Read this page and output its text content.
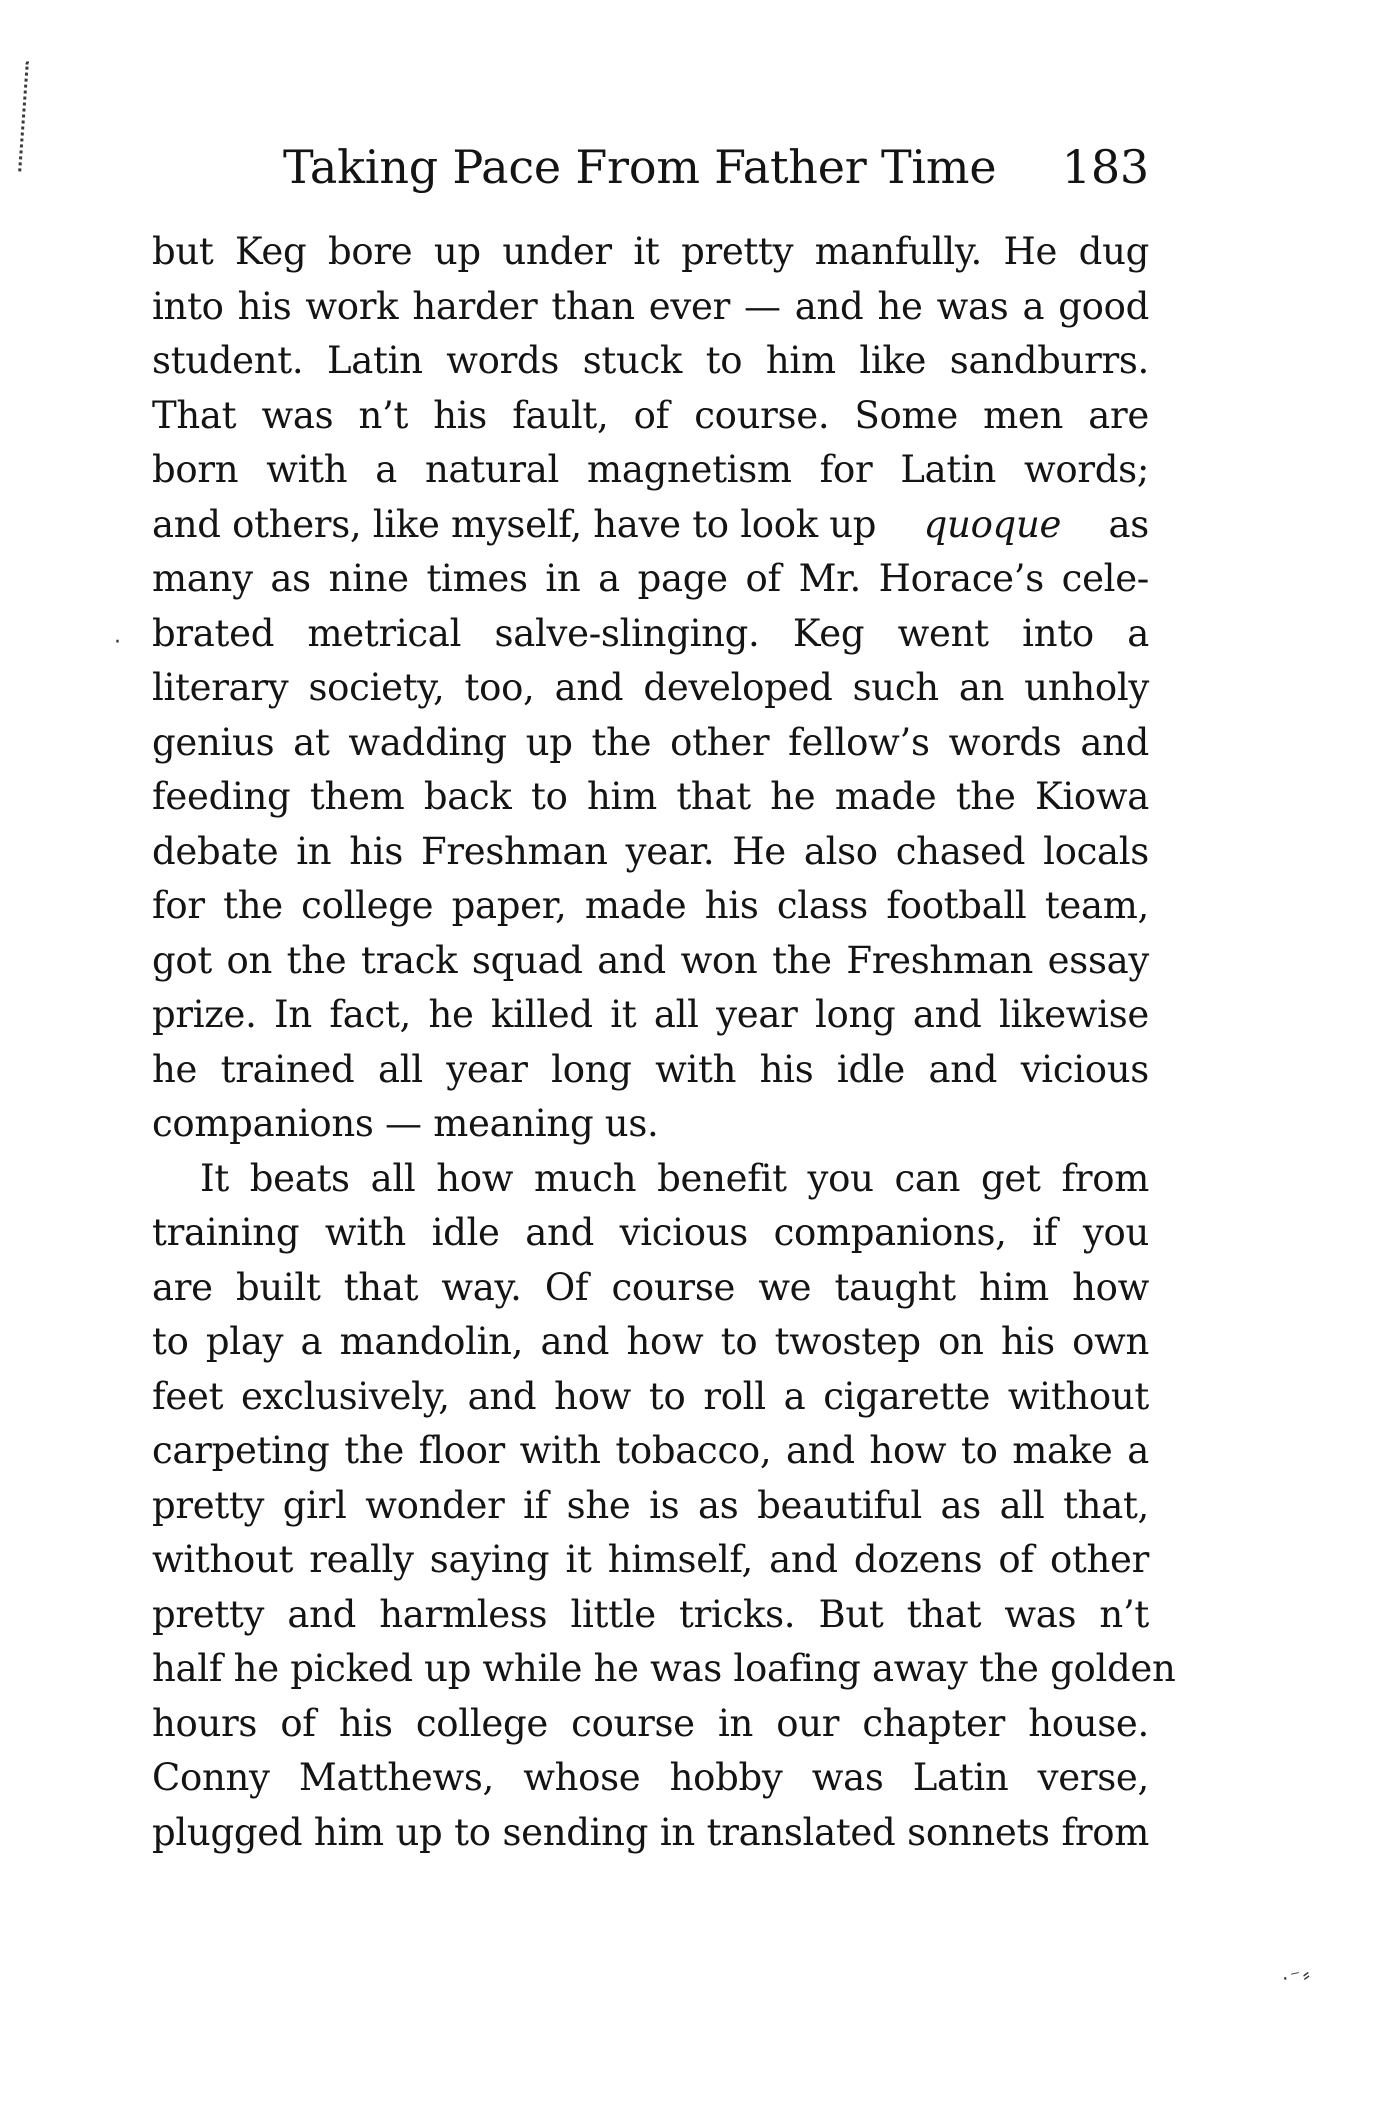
·
·⁻⸗
Taking Pace From Father Time 183
but Keg bore up under it pretty manfully. He dug
into his work harder than ever — and he was a good
student. Latin words stuck to him like sandburrs.
That was n’t his fault, of course. Some men are
born with a natural magnetism for Latin words;
and others, like myself, have to look up quoque as
many as nine times in a page of Mr. Horace’s cele-
brated metrical salve-slinging. Keg went into a
literary society, too, and developed such an unholy
genius at wadding up the other fellow’s words and
feeding them back to him that he made the Kiowa
debate in his Freshman year. He also chased locals
for the college paper, made his class football team,
got on the track squad and won the Freshman essay
prize. In fact, he killed it all year long and likewise
he trained all year long with his idle and vicious
companions — meaning us.
It beats all how much benefit you can get from
training with idle and vicious companions, if you
are built that way. Of course we taught him how
to play a mandolin, and how to twostep on his own
feet exclusively, and how to roll a cigarette without
carpeting the floor with tobacco, and how to make a
pretty girl wonder if she is as beautiful as all that,
without really saying it himself, and dozens of other
pretty and harmless little tricks. But that was n’t
half he picked up while he was loafing away the golden
hours of his college course in our chapter house.
Conny Matthews, whose hobby was Latin verse,
plugged him up to sending in translated sonnets from
